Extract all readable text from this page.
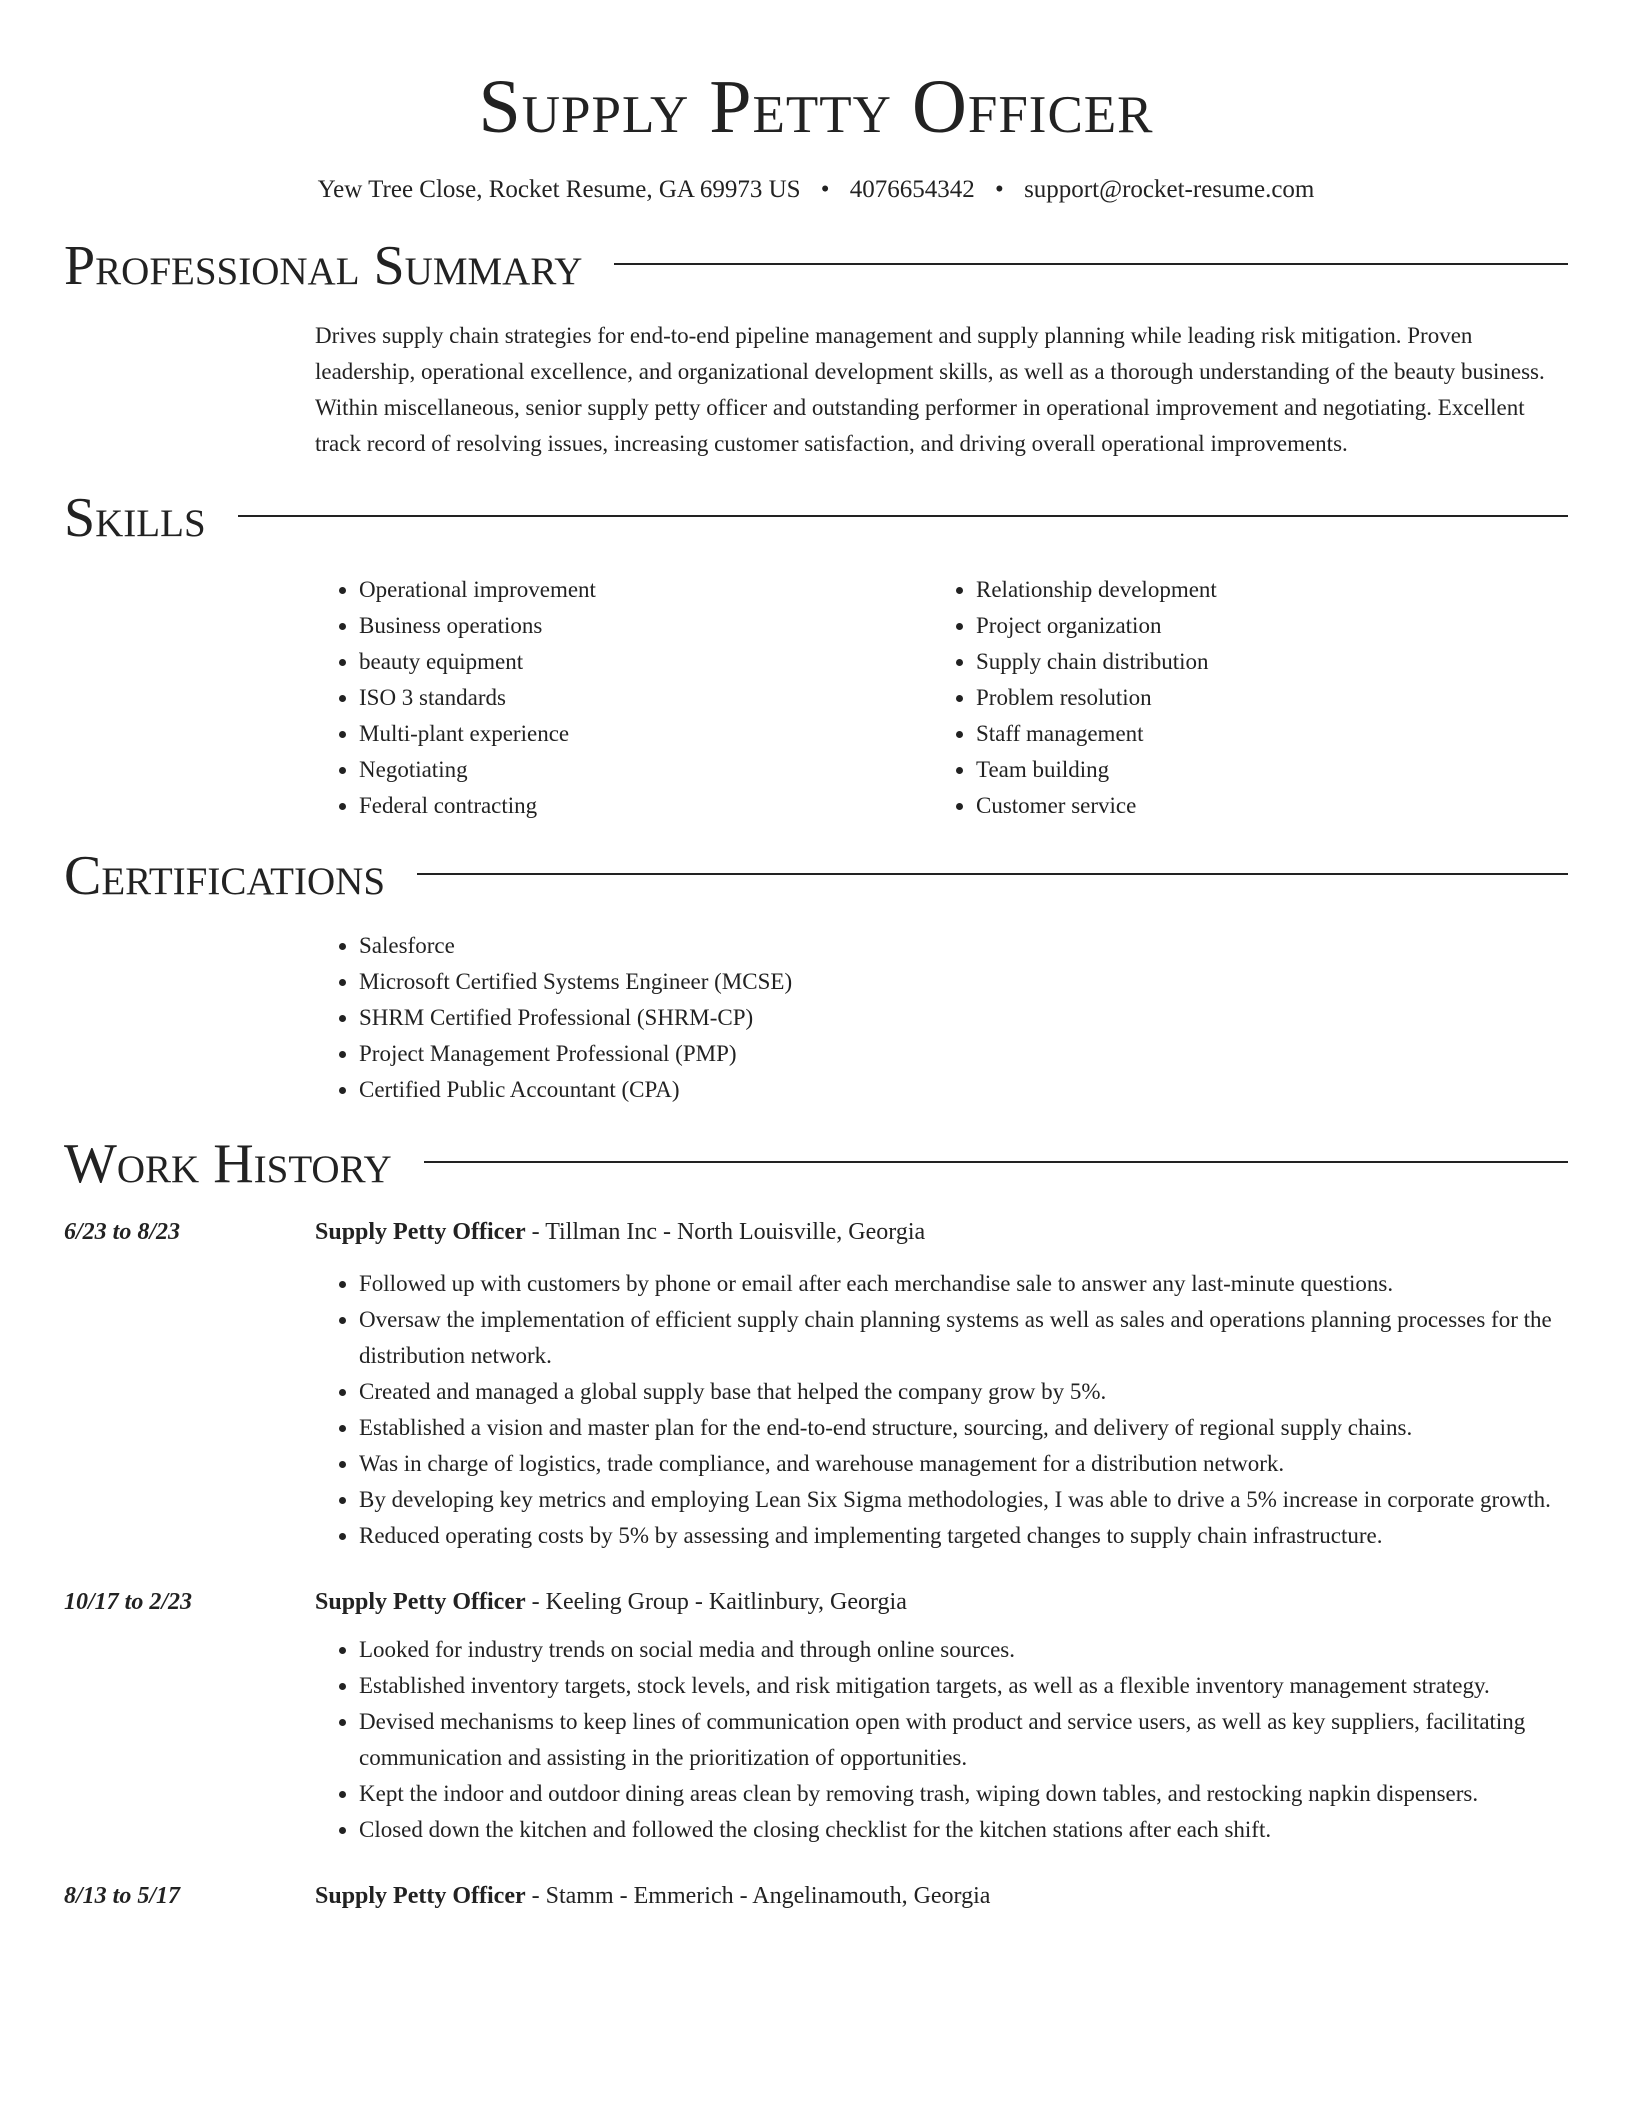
Supply Petty Officer
Yew Tree Close, Rocket Resume, GA 69973 US • 4076654342 • support@rocket-resume.com
Professional Summary

Drives supply chain strategies for end-to-end pipeline management and supply planning while leading risk mitigation. Proven leadership, operational excellence, and organizational development skills, as well as a thorough understanding of the beauty business. Within miscellaneous, senior supply petty officer and outstanding performer in operational improvement and negotiating. Excellent track record of resolving issues, increasing customer satisfaction, and driving overall operational improvements.

Skills
• Operational improvement
• Business operations
• beauty equipment
• ISO 3 standards
• Multi-plant experience
• Negotiating
• Federal contracting
• Relationship development
• Project organization
• Supply chain distribution
• Problem resolution
• Staff management
• Team building
• Customer service
Certifications
• Salesforce
• Microsoft Certified Systems Engineer (MCSE)
• SHRM Certified Professional (SHRM-CP)
• Project Management Professional (PMP)
• Certified Public Accountant (CPA)
Work History
6/23 to 8/23	Supply Petty Officer - Tillman Inc - North Louisville, Georgia
• Followed up with customers by phone or email after each merchandise sale to answer any last-minute questions.
• Oversaw the implementation of efficient supply chain planning systems as well as sales and operations planning processes for the distribution network.
• Created and managed a global supply base that helped the company grow by 5%.
• Established a vision and master plan for the end-to-end structure, sourcing, and delivery of regional supply chains.
• Was in charge of logistics, trade compliance, and warehouse management for a distribution network.
• By developing key metrics and employing Lean Six Sigma methodologies, I was able to drive a 5% increase in corporate growth.
• Reduced operating costs by 5% by assessing and implementing targeted changes to supply chain infrastructure.
10/17 to 2/23	Supply Petty Officer - Keeling Group - Kaitlinbury, Georgia
• Looked for industry trends on social media and through online sources.
• Established inventory targets, stock levels, and risk mitigation targets, as well as a flexible inventory management strategy.
• Devised mechanisms to keep lines of communication open with product and service users, as well as key suppliers, facilitating communication and assisting in the prioritization of opportunities.
• Kept the indoor and outdoor dining areas clean by removing trash, wiping down tables, and restocking napkin dispensers.
• Closed down the kitchen and followed the closing checklist for the kitchen stations after each shift.
8/13 to 5/17	Supply Petty Officer - Stamm - Emmerich - Angelinamouth, Georgia
